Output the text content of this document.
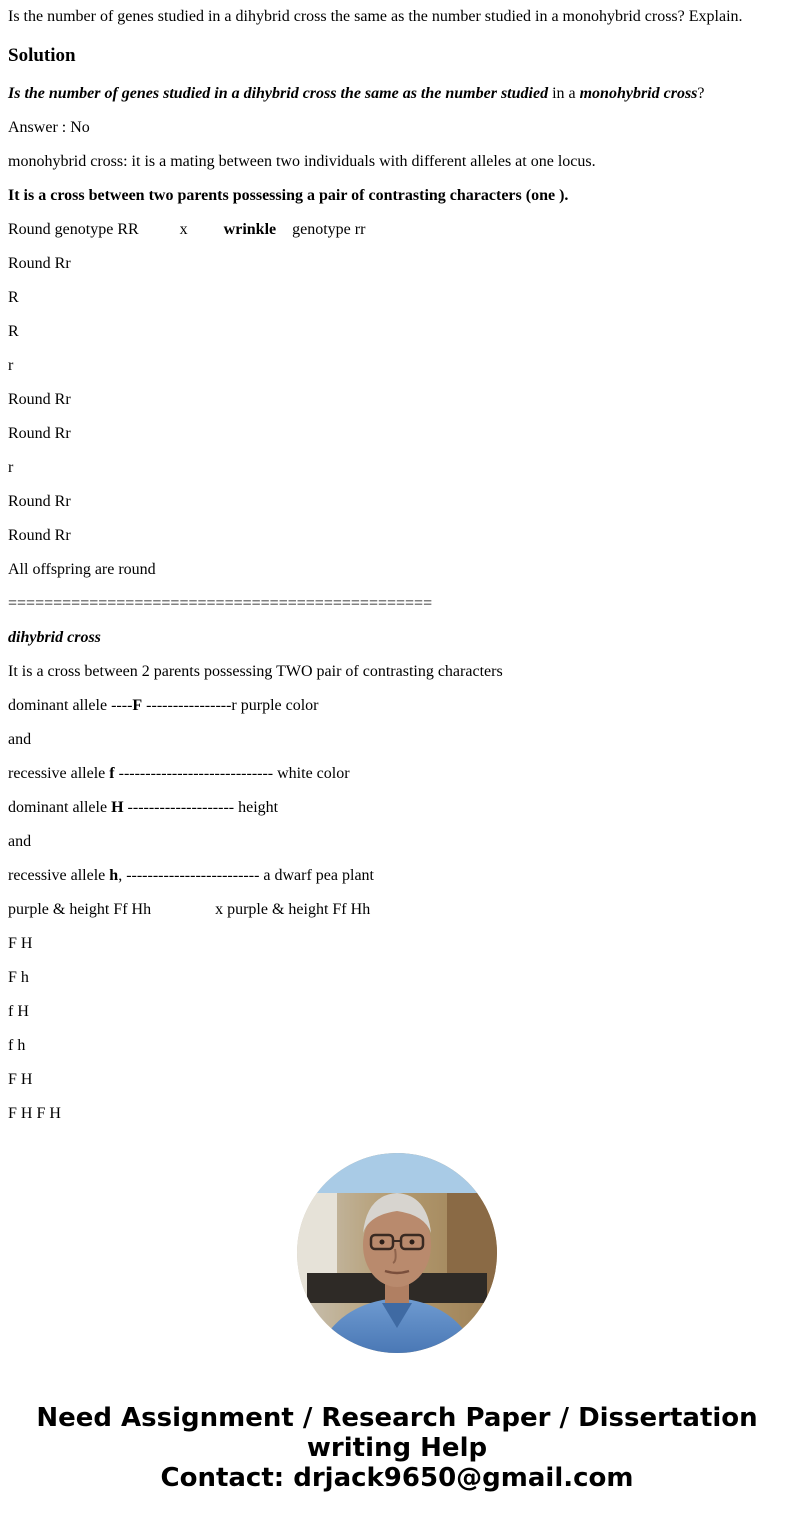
Is the number of genes studied in a dihybrid cross the same as the number studied in a monohybrid cross? Explain.
Solution
Is the number of genes studied in a dihybrid cross the same as the number studied in a monohybrid cross?
Answer : No
monohybrid cross: it is a mating between two individuals with different alleles at one locus.
It is a cross between two parents possessing a pair of contrasting characters (one ).
Round genotype RR	x wrinkle genotype rr
Round Rr
R
R
r
Round Rr
Round Rr
r
Round Rr
Round Rr
All offspring are round
===============================================
dihybrid cross
It is a cross between 2 parents possessing TWO pair of contrasting characters
dominant allele ----F ----------------r purple color
and
recessive allele f ----------------------------- white color
dominant allele H -------------------- height
and
recessive allele h, ------------------------- a dwarf pea plant
purple & height Ff Hh	x purple & height Ff Hh
F H
F h
f H
f h
F H
F H F H
Need Assignment / Research Paper / Dissertation
writing Help
Contact: drjack9650@gmail.com
